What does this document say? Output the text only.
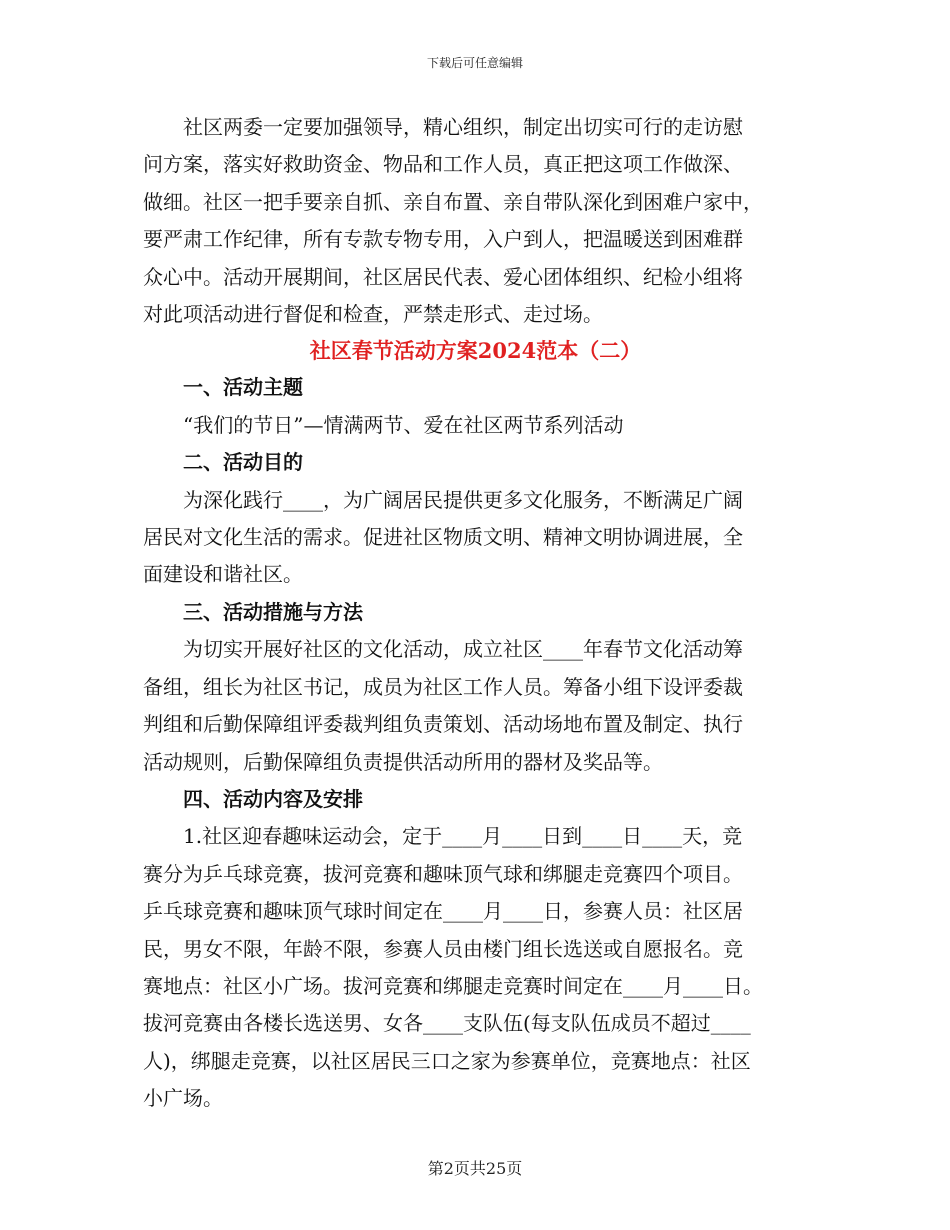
下载后可任意编辑
社区两委一定要加强领导，精心组织，制定出切实可行的走访慰
问方案，落实好救助资金、物品和工作人员，真正把这项工作做深、
做细。社区一把手要亲自抓、亲自布置、亲自带队深化到困难户家中，
要严肃工作纪律，所有专款专物专用，入户到人，把温暖送到困难群
众心中。活动开展期间，社区居民代表、爱心团体组织、纪检小组将
对此项活动进行督促和检查，严禁走形式、走过场。
社区春节活动方案2024范本（二）
一、活动主题
“我们的节日”—情满两节、爱在社区两节系列活动
二、活动目的
为深化践行____，为广阔居民提供更多文化服务，不断满足广阔
居民对文化生活的需求。促进社区物质文明、精神文明协调进展，全
面建设和谐社区。
三、活动措施与方法
为切实开展好社区的文化活动，成立社区____年春节文化活动筹
备组，组长为社区书记，成员为社区工作人员。筹备小组下设评委裁
判组和后勤保障组评委裁判组负责策划、活动场地布置及制定、执行
活动规则，后勤保障组负责提供活动所用的器材及奖品等。
四、活动内容及安排
1.社区迎春趣味运动会，定于____月____日到____日____天，竞
赛分为乒乓球竞赛，拔河竞赛和趣味顶气球和绑腿走竞赛四个项目。
乒乓球竞赛和趣味顶气球时间定在____月____日，参赛人员：社区居
民，男女不限，年龄不限，参赛人员由楼门组长选送或自愿报名。竞
赛地点：社区小广场。拔河竞赛和绑腿走竞赛时间定在____月____日。
拔河竞赛由各楼长选送男、女各____支队伍(每支队伍成员不超过____
人)，绑腿走竞赛，以社区居民三口之家为参赛单位，竞赛地点：社区
小广场。
第2页共25页
